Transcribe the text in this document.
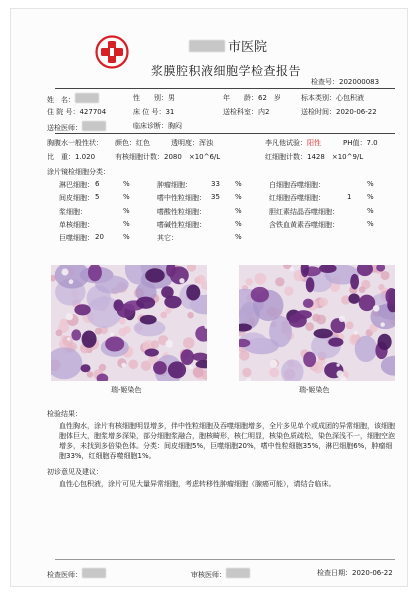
市医院
浆膜腔积液细胞学检查报告
检查号：202000083
姓　名：	性　　别：男	年　　龄：62　 岁	标本类别：心包积液
住 院 号：427704	床 位 号：31	送检科室：内2	送检时间：2020-06-22
送检医师：	临床诊断：胸闷
胸腹水一般性状： 颜色：红色	透明度：浑浊	李凡他试验：阳性	PH值：7.0
比　重：1.020	有核细胞计数：2080　 ×10^6/L	红细胞计数：1428　 ×10^9/L
涂片镜检细胞分类：
淋巴细胞： 6	%	肿瘤细胞：	33 %	白细胞吞噬细胞：	%
间皮细胞： 5	%	嗜中性粒细胞： 35 %	红细胞吞噬细胞：	1 %
浆细胞：	%	嗜酸性粒细胞：	%	胆红素结晶吞噬细胞：	%
单核细胞：	%	嗜碱性粒细胞：	%	含铁血黄素吞噬细胞：	%
巨噬细胞： 20	%	其它：	%
瑞-姬染色	瑞-姬染色
检验结果：
血性胸水，涂片有核细胞明显增多，伴中性粒细胞及吞噬细胞增多，全片多见单个或成团的异常细胞，该细胞胞体巨大，胞浆增多深染，部分细胞浆融合，胞核畸形，核仁明显，核染色质疏松，染色深浅不一，细胞空泡增多，未找到多倍染色体。分类：间皮细胞5%，巨噬细胞20%，嗜中性粒细胞35%，淋巴细胞6%，肿瘤细胞33%，红细胞吞噬细胞1%。
初诊意见及建议：
血性心包积液，涂片可见大量异常细胞，考虑转移性肿瘤细胞（腺癌可能），请结合临床。
检查医师：	审核医师：	检查日期：2020-06-22
